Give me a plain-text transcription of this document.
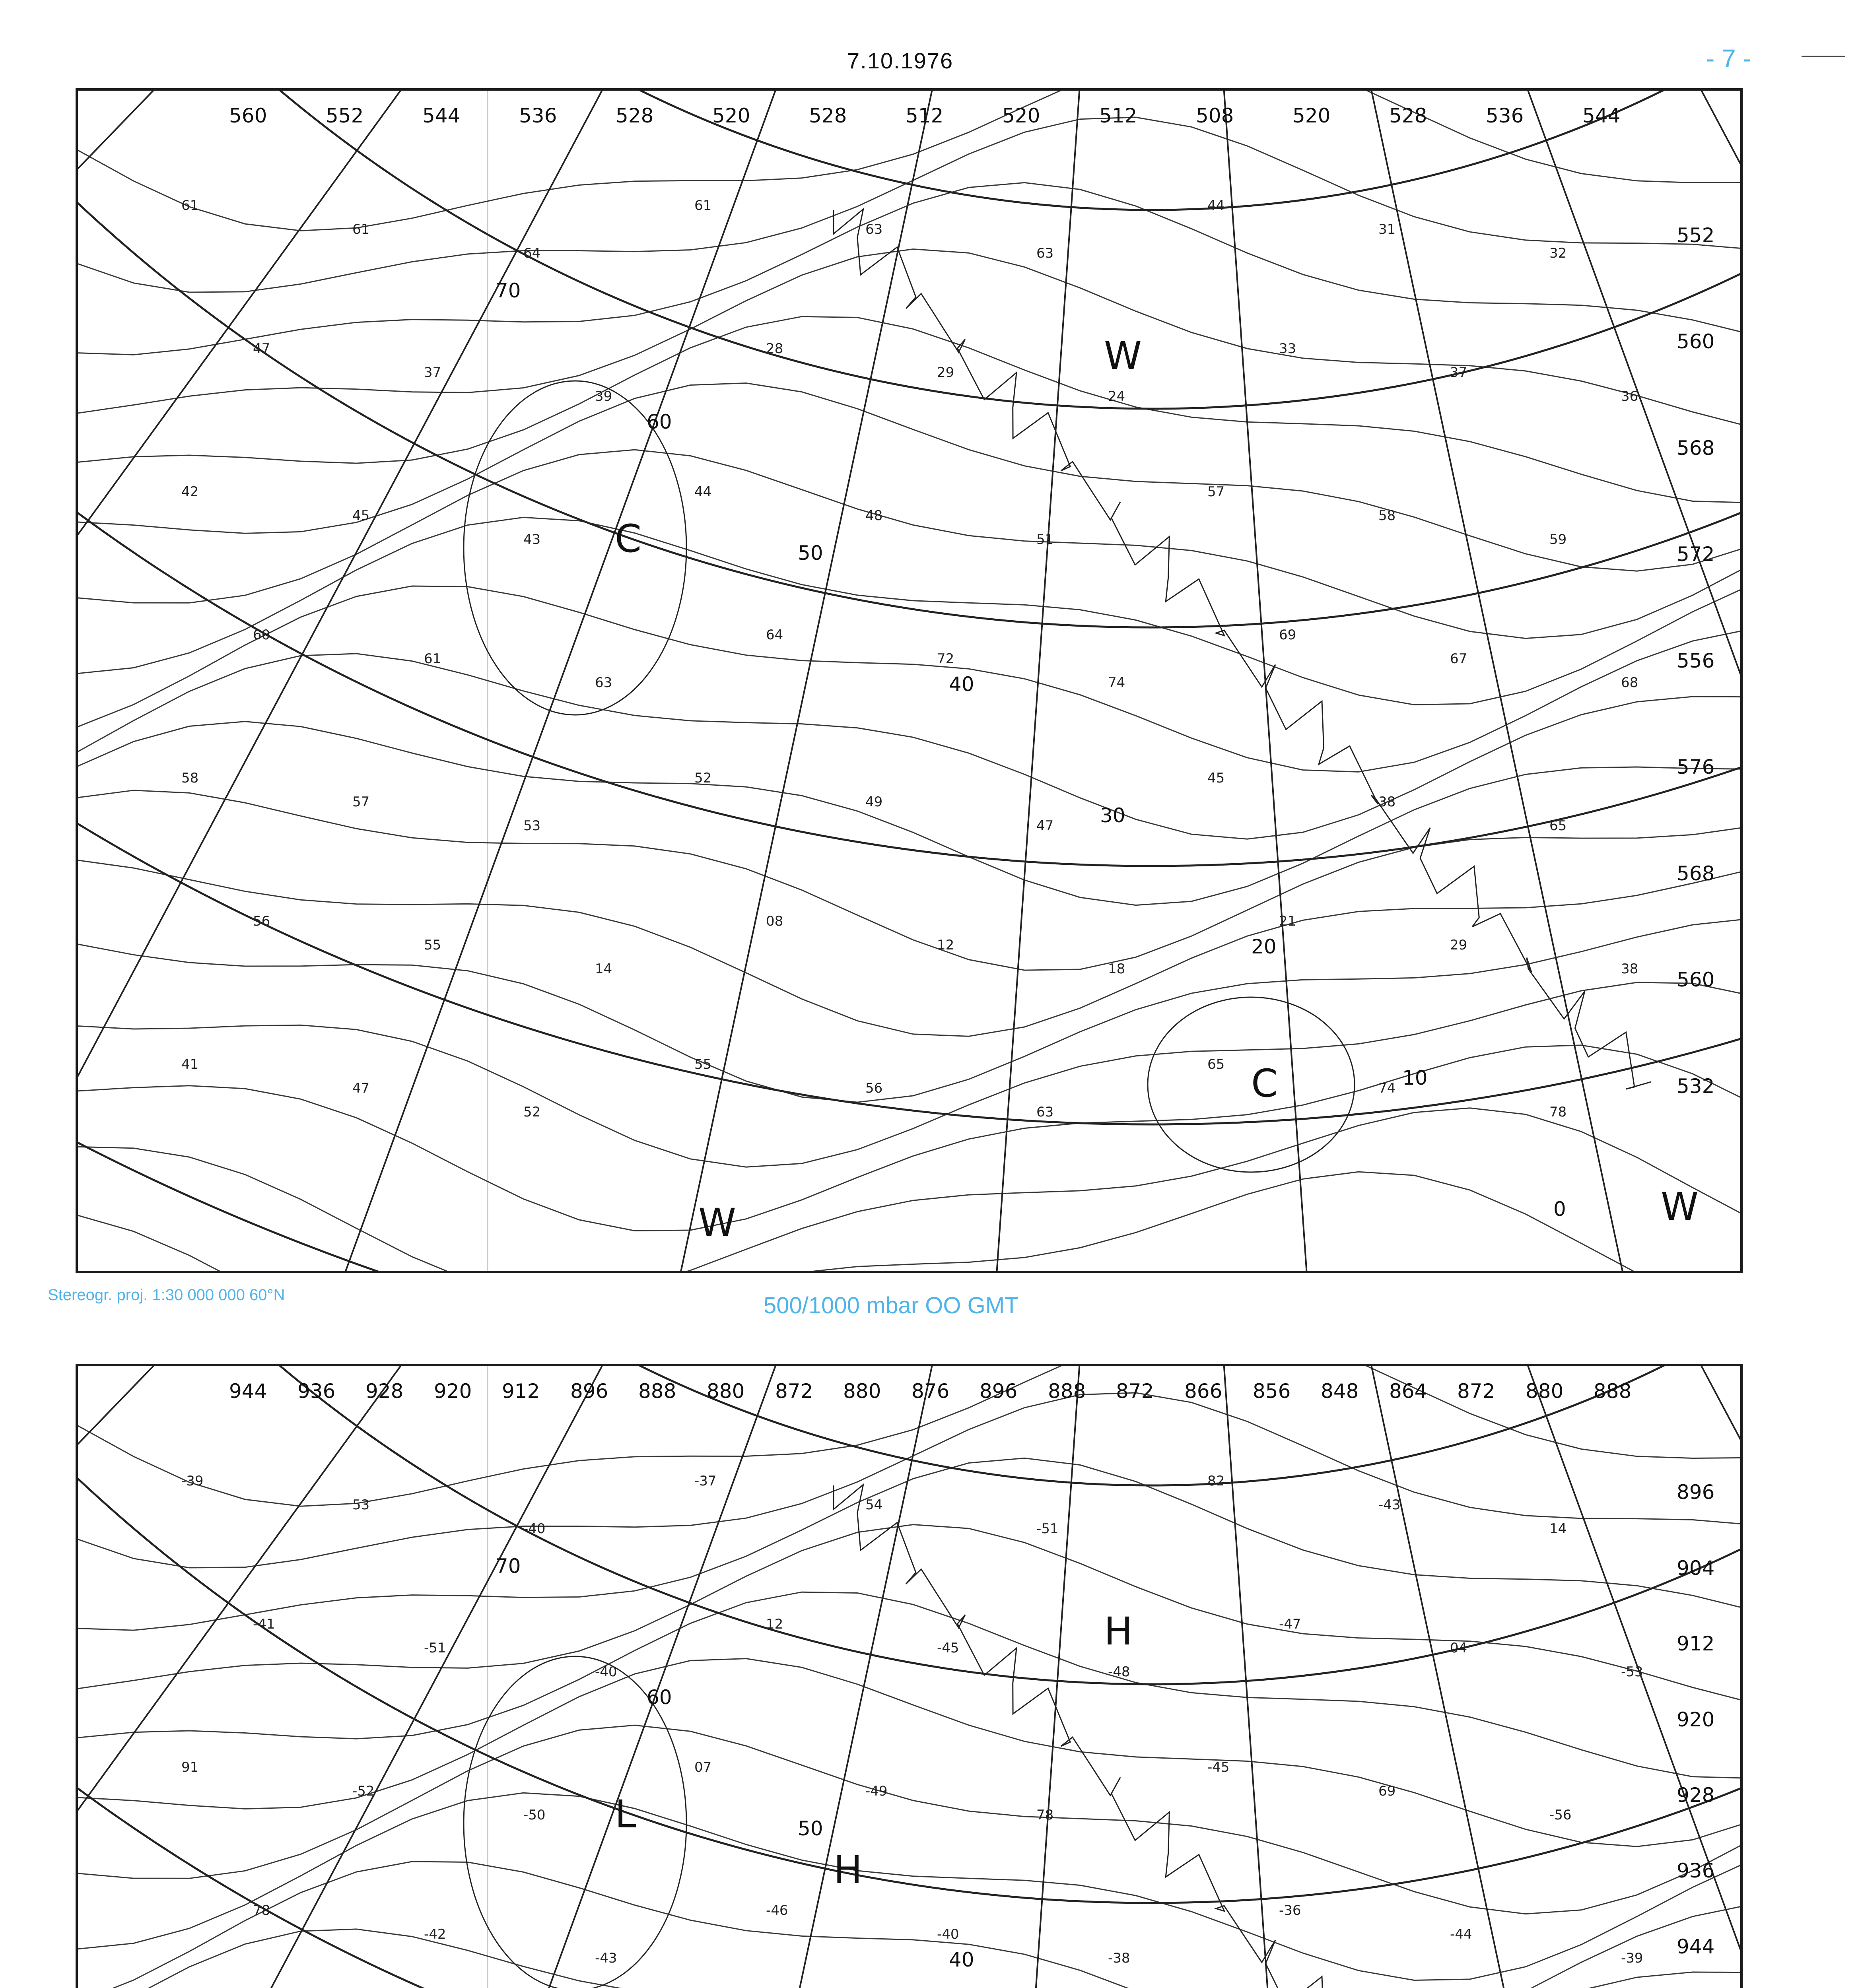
7.10.1976	- 7 -
560	552	544	536	528	520	528	512	520	512	508	520	528	536	544
552
560
568
572
556
576
568
560
532
70
60
50
40
30
20
10
0
W
C
C
W	W
61
61
64
61
63
63
44
31
32
47
37
39
28
29
24
33
37
36
42
45
43
44
48
51
57
58
59
60
61
63
64
72
74
69
67
68
58
57
53
52
49
47
45
38
65
56
55
14
08
12
18
21
29
38
41
47
52
55
56
63
65
74
78
Stereogr. proj. 1:30 000 000 60°N	500/1000 mbar OO GMT
944 936 928 920 912 896 888 880 872 880 876 896 888 872 866 856 848 864 872 880 888
896
904
912
920
928
936
944
70
60
50
40
H
L
H
-39
53
-40
-37
54
-51
82
-43
14
-41
-51
-40
12
-45
-48
-47
04
-53
91
-52
-50
07
-49
78
-45
69
-56
78
-42
-43
-46
-40
-38
-36
-44
-39
